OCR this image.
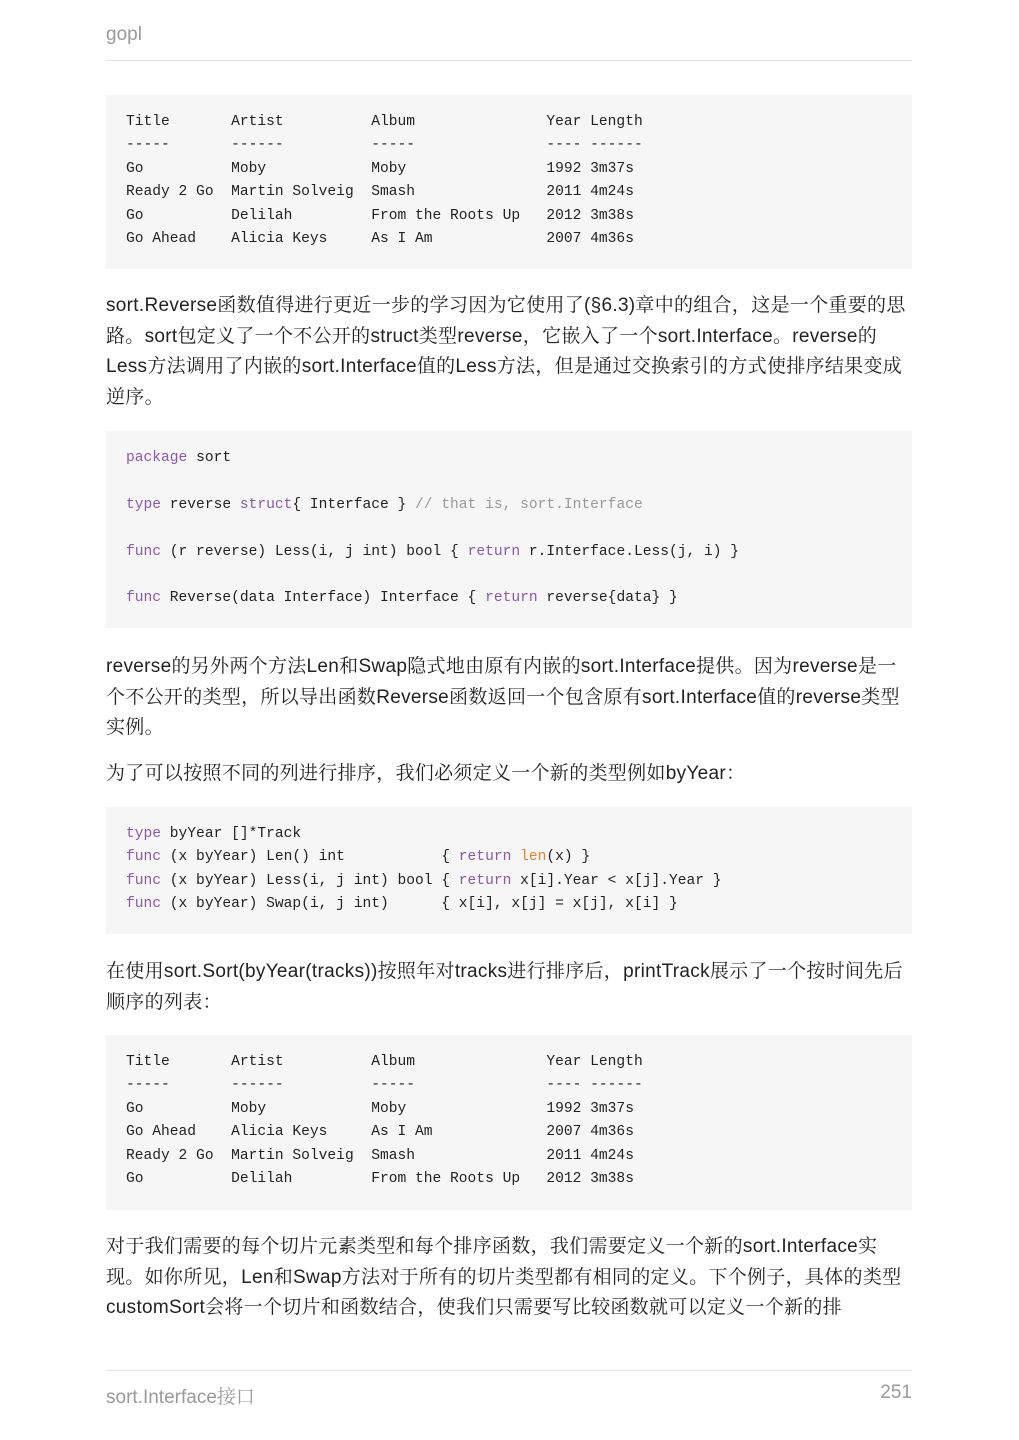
gopl
Title       Artist          Album               Year Length
-----       ------          -----               ---- ------
Go          Moby            Moby                1992 3m37s
Ready 2 Go  Martin Solveig  Smash               2011 4m24s
Go          Delilah         From the Roots Up   2012 3m38s
Go Ahead    Alicia Keys     As I Am             2007 4m36s

sort.Reverse函数值得进行更近一步的学习因为它使用了(§6.3)章中的组合，这是一个重要的思路。sort包定义了一个不公开的struct类型reverse，它嵌入了一个sort.Interface。reverse的Less方法调用了内嵌的sort.Interface值的Less方法，但是通过交换索引的方式使排序结果变成逆序。

package sort

type reverse struct{ Interface } // that is, sort.Interface

func (r reverse) Less(i, j int) bool { return r.Interface.Less(j, i) }

func Reverse(data Interface) Interface { return reverse{data} }

reverse的另外两个方法Len和Swap隐式地由原有内嵌的sort.Interface提供。因为reverse是一个不公开的类型，所以导出函数Reverse函数返回一个包含原有sort.Interface值的reverse类型实例。

为了可以按照不同的列进行排序，我们必须定义一个新的类型例如byYear：

type byYear []*Track
func (x byYear) Len() int           { return len(x) }
func (x byYear) Less(i, j int) bool { return x[i].Year < x[j].Year }
func (x byYear) Swap(i, j int)      { x[i], x[j] = x[j], x[i] }

在使用sort.Sort(byYear(tracks))按照年对tracks进行排序后，printTrack展示了一个按时间先后顺序的列表：

Title       Artist          Album               Year Length
-----       ------          -----               ---- ------
Go          Moby            Moby                1992 3m37s
Go Ahead    Alicia Keys     As I Am             2007 4m36s
Ready 2 Go  Martin Solveig  Smash               2011 4m24s
Go          Delilah         From the Roots Up   2012 3m38s

对于我们需要的每个切片元素类型和每个排序函数，我们需要定义一个新的sort.Interface实现。如你所见，Len和Swap方法对于所有的切片类型都有相同的定义。下个例子，具体的类型customSort会将一个切片和函数结合，使我们只需要写比较函数就可以定义一个新的排

sort.Interface接口	251
